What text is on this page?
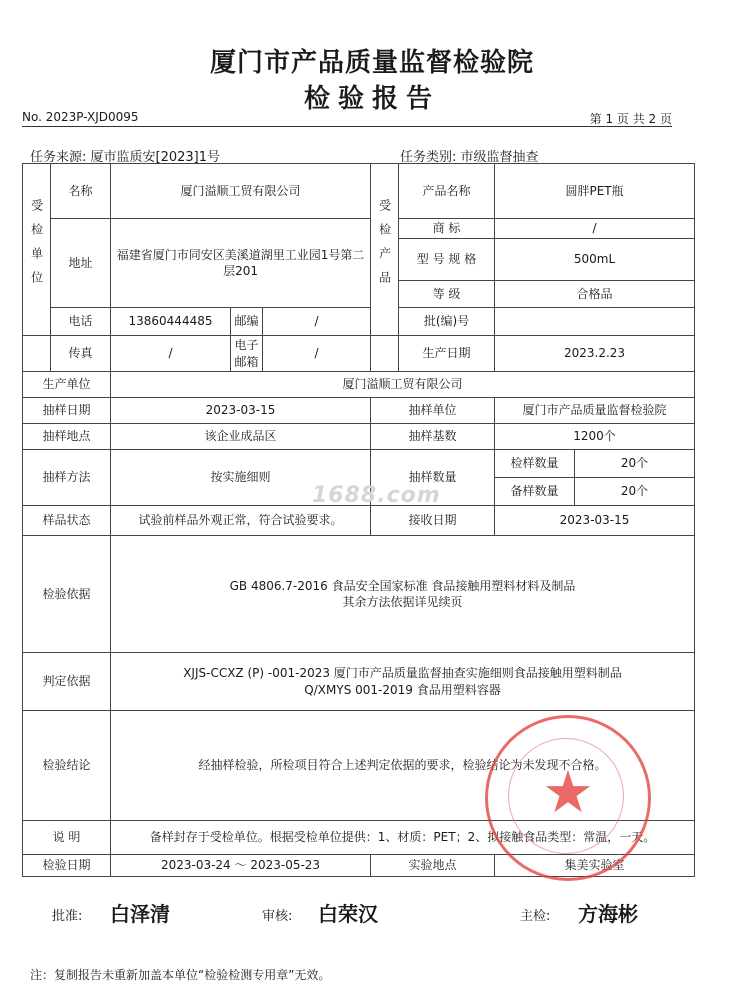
厦门市产品质量监督检验院
检验报告
No. 2023P-XJD0095	第 1 页 共 2 页
任务来源: 厦市监质安[2023]1号	任务类别: 市级监督抽查
受检单位	名称	厦门溢顺工贸有限公司			受检产品	产品名称	圆胖PET瓶	
	地址	福建省厦门市同安区美溪道湖里工业园1号第二层201				商 标	/	
						型 号 规 格	500mL	
						等 级	合格品	
	电话	13860444485	邮编	/		批(编)号		
	传真	/	电子邮箱	/		生产日期	2023.2.23	
生产单位		厦门溢顺工贸有限公司						
抽样日期		2023-03-15			抽样单位		厦门市产品质量监督检验院	
抽样地点		该企业成品区			抽样基数		1200个	
抽样方法		按实施细则			抽样数量		检样数量	20个
							备样数量	20个
样品状态		试验前样品外观正常，符合试验要求。			接收日期		2023-03-15	
检验依据		GB 4806.7-2016 食品安全国家标准 食品接触用塑料材料及制品
其余方法依据详见续页						

判定依据		XJJS-CCXZ (P) -001-2023 厦门市产品质量监督抽查实施细则食品接触用塑料制品
Q/XMYS 001-2019 食品用塑料容器						

检验结论		经抽样检验，所检项目符合上述判定依据的要求，检验结论为未发现不合格。						
说 明		备样封存于受检单位。根据受检单位提供：1、材质：PET；2、拟接触食品类型：常温，一天。						
检验日期		2023-03-24 ～ 2023-05-23			实验地点		集美实验室	
1688.com
★
批准: 白泽清	审核: 白荣汉	主检: 方海彬
注：复制报告未重新加盖本单位“检验检测专用章”无效。
